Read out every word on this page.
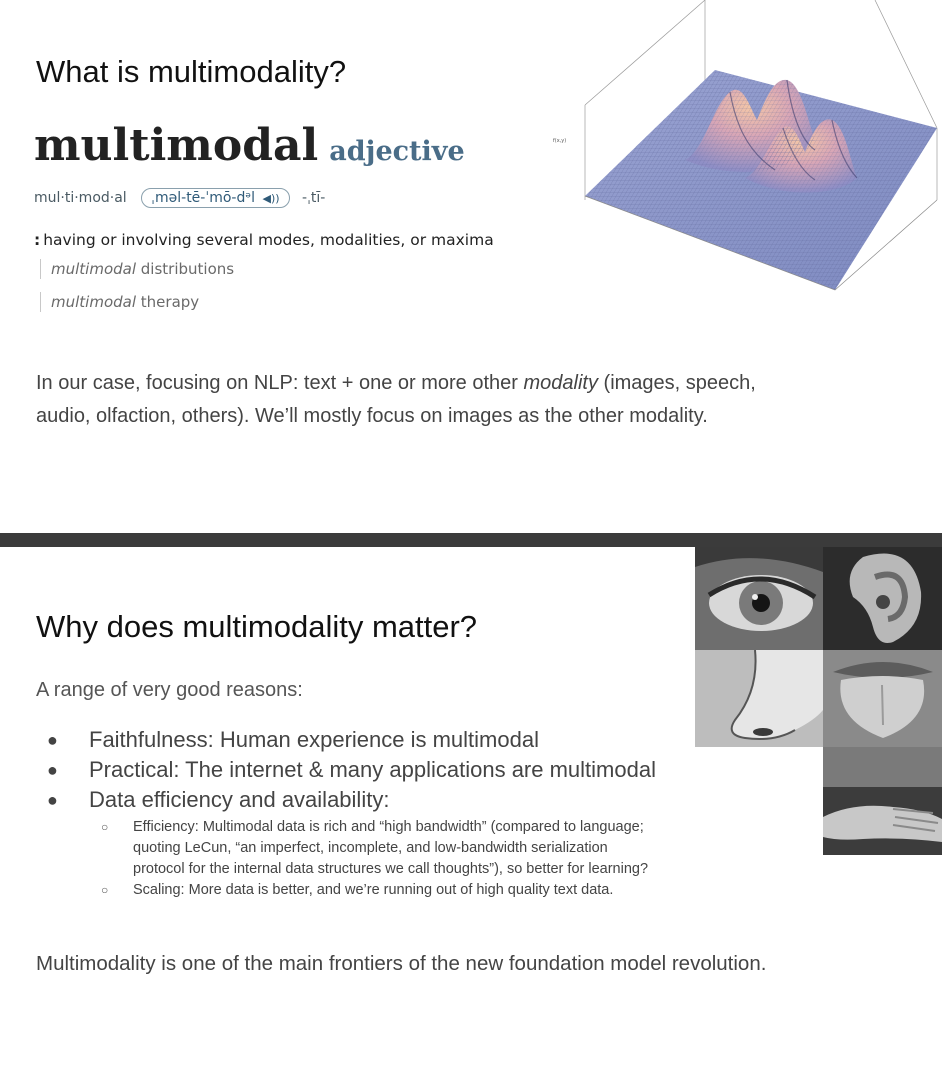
What is multimodality?
multimodal adjective
mul·ti·mod·al ˌməl-tē-ˈmō-dᵊl ◀)) -ˌtī-
: having or involving several modes, modalities, or maxima
multimodal distributions
multimodal therapy
f(x,y)

In our case, focusing on NLP: text + one or more other modality (images, speech,
audio, olfaction, others). We’ll mostly focus on images as the other modality.

Why does multimodality matter?

A range of very good reasons:

● Faithfulness: Human experience is multimodal
● Practical: The internet & many applications are multimodal
● Data efficiency and availability:
○ Efficiency: Multimodal data is rich and “high bandwidth” (compared to language;
quoting LeCun, “an imperfect, incomplete, and low-bandwidth serialization
protocol for the internal data structures we call thoughts”), so better for learning?
○ Scaling: More data is better, and we’re running out of high quality text data.

Multimodality is one of the main frontiers of the new foundation model revolution.
